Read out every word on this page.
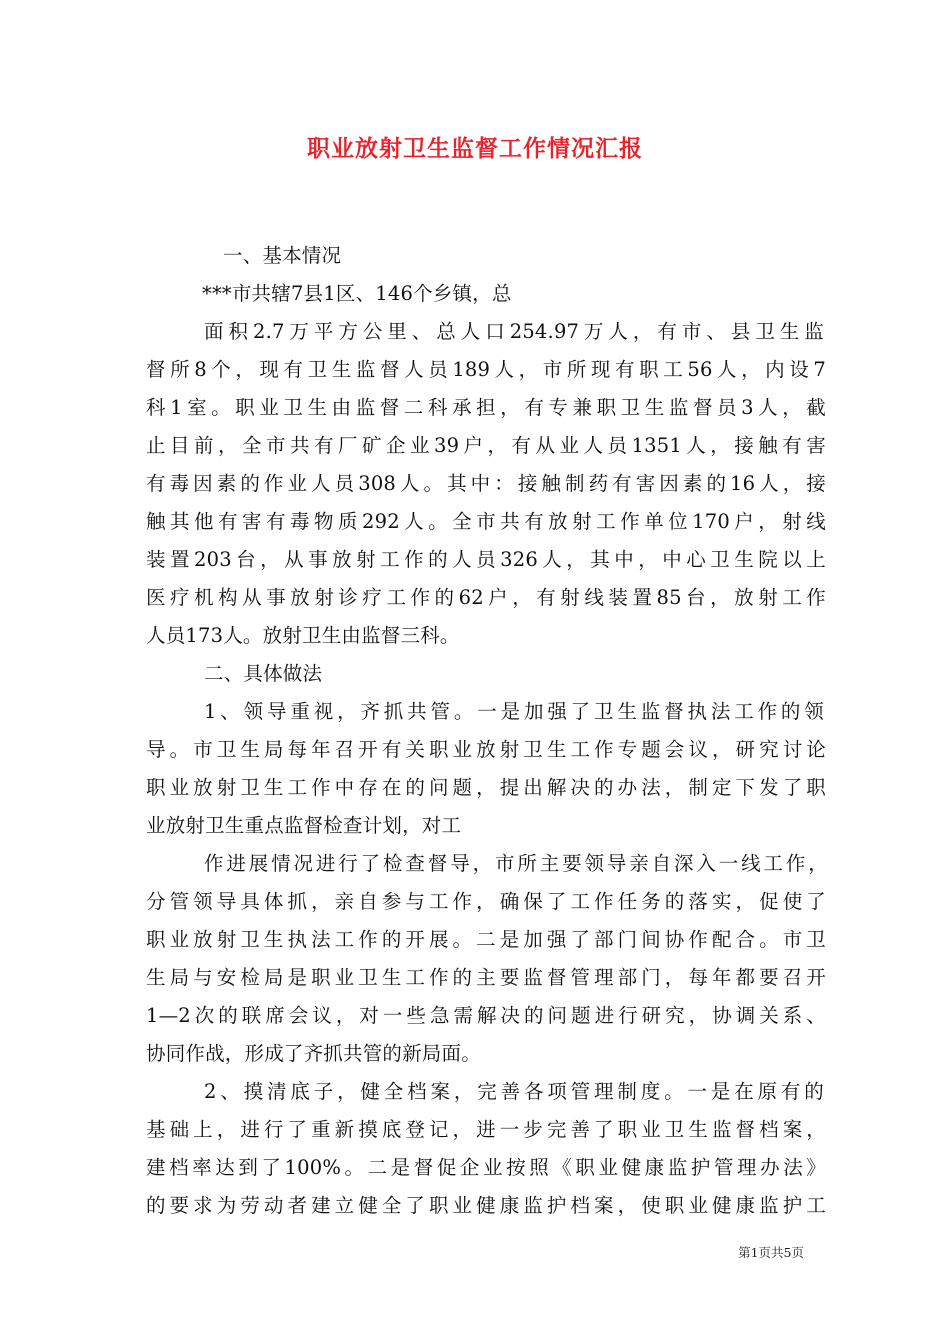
职业放射卫生监督工作情况汇报
一、基本情况
***市共辖7县1区、146个乡镇，总
面积2.7万平方公里、总人口254.97万人，有市、县卫生监
督所8个，现有卫生监督人员189人，市所现有职工56人，内设7
科1室。职业卫生由监督二科承担，有专兼职卫生监督员3人，截
止目前，全市共有厂矿企业39户，有从业人员1351人，接触有害
有毒因素的作业人员308人。其中：接触制药有害因素的16人，接
触其他有害有毒物质292人。全市共有放射工作单位170户，射线
装置203台，从事放射工作的人员326人，其中，中心卫生院以上
医疗机构从事放射诊疗工作的62户，有射线装置85台，放射工作
人员173人。放射卫生由监督三科。
二、具体做法
1、领导重视，齐抓共管。一是加强了卫生监督执法工作的领
导。市卫生局每年召开有关职业放射卫生工作专题会议，研究讨论
职业放射卫生工作中存在的问题，提出解决的办法，制定下发了职
业放射卫生重点监督检查计划，对工
作进展情况进行了检查督导，市所主要领导亲自深入一线工作，
分管领导具体抓，亲自参与工作，确保了工作任务的落实，促使了
职业放射卫生执法工作的开展。二是加强了部门间协作配合。市卫
生局与安检局是职业卫生工作的主要监督管理部门，每年都要召开
1—2次的联席会议，对一些急需解决的问题进行研究，协调关系、
协同作战，形成了齐抓共管的新局面。
2、摸清底子，健全档案，完善各项管理制度。一是在原有的
基础上，进行了重新摸底登记，进一步完善了职业卫生监督档案，
建档率达到了100%。二是督促企业按照《职业健康监护管理办法》
的要求为劳动者建立健全了职业健康监护档案，使职业健康监护工
第1页共5页
